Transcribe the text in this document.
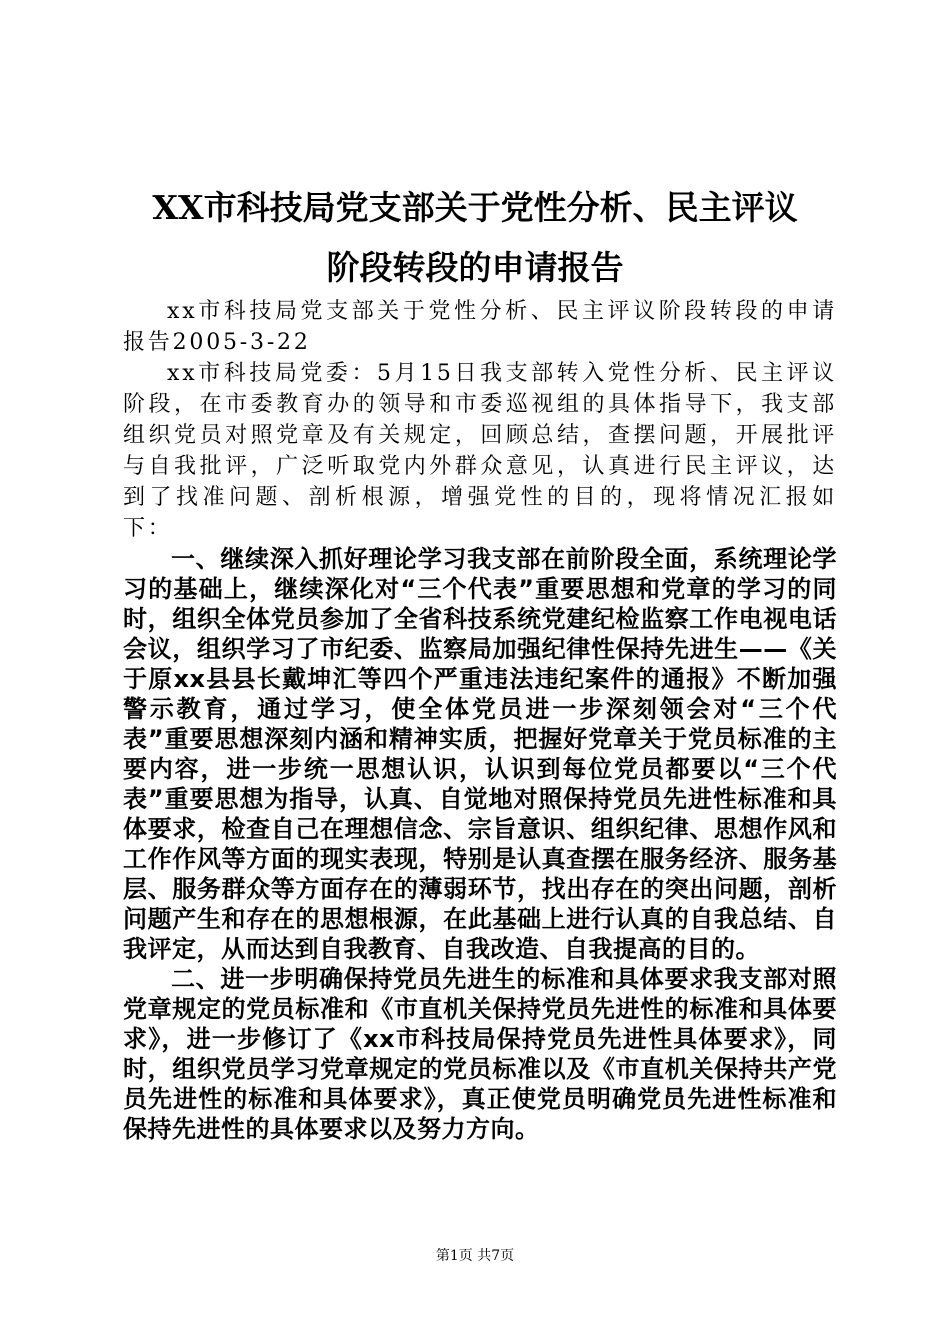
XX市科技局党支部关于党性分析、民主评议
阶段转段的申请报告

xx市科技局党支部关于党性分析、民主评议阶段转段的申请报告2005-3-22

xx市科技局党委：5月15日我支部转入党性分析、民主评议阶段，在市委教育办的领导和市委巡视组的具体指导下，我支部组织党员对照党章及有关规定，回顾总结，查摆问题，开展批评与自我批评，广泛听取党内外群众意见，认真进行民主评议，达到了找准问题、剖析根源，增强党性的目的，现将情况汇报如下：

一、继续深入抓好理论学习我支部在前阶段全面，系统理论学习的基础上，继续深化对“三个代表”重要思想和党章的学习的同时，组织全体党员参加了全省科技系统党建纪检监察工作电视电话会议，组织学习了市纪委、监察局加强纪律性保持先进生——《关于原xx县县长戴坤汇等四个严重违法违纪案件的通报》不断加强警示教育，通过学习，使全体党员进一步深刻领会对“三个代表”重要思想深刻内涵和精神实质，把握好党章关于党员标准的主要内容，进一步统一思想认识，认识到每位党员都要以“三个代表”重要思想为指导，认真、自觉地对照保持党员先进性标准和具体要求，检查自己在理想信念、宗旨意识、组织纪律、思想作风和工作作风等方面的现实表现，特别是认真查摆在服务经济、服务基层、服务群众等方面存在的薄弱环节，找出存在的突出问题，剖析问题产生和存在的思想根源，在此基础上进行认真的自我总结、自我评定，从而达到自我教育、自我改造、自我提高的目的。

二、进一步明确保持党员先进生的标准和具体要求我支部对照党章规定的党员标准和《市直机关保持党员先进性的标准和具体要求》，进一步修订了《xx市科技局保持党员先进性具体要求》，同时，组织党员学习党章规定的党员标准以及《市直机关保持共产党员先进性的标准和具体要求》，真正使党员明确党员先进性标准和保持先进性的具体要求以及努力方向。

第1页 共7页
